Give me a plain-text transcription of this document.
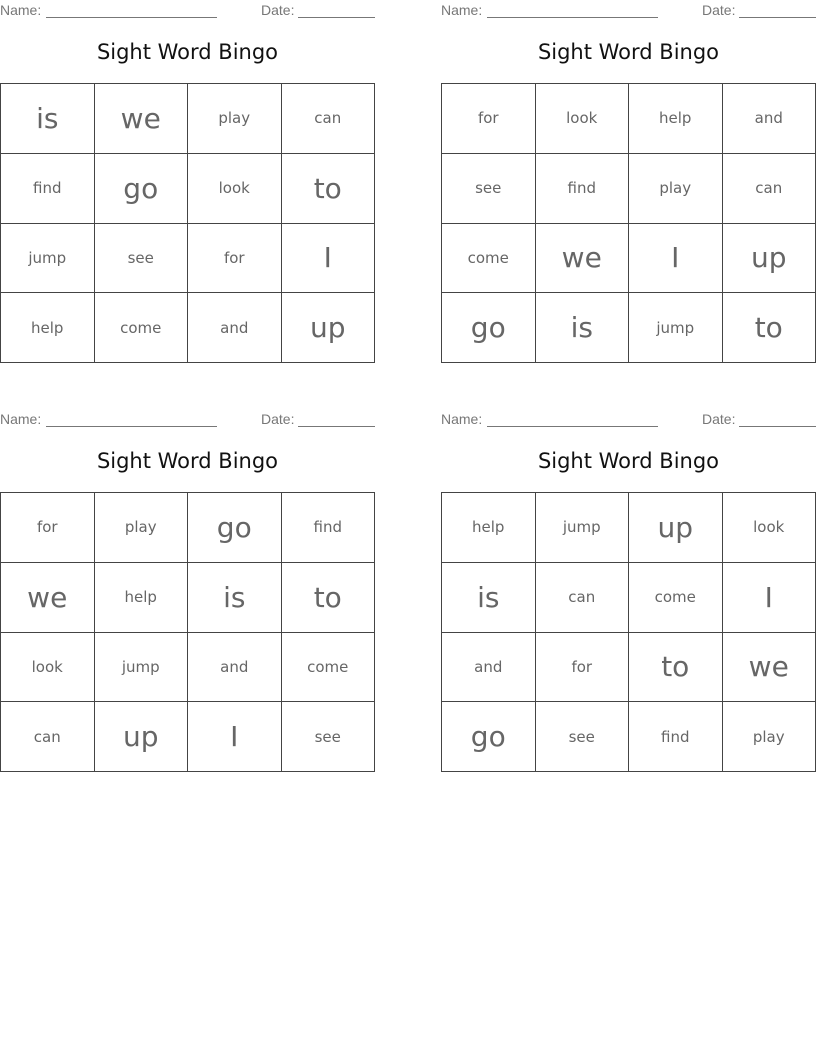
Name:	Date:
Sight Word Bingo
is	we	play	can
find	go	look	to
jump	see	for	I
help	come	and	up
Name:	Date:
Sight Word Bingo
for	look	help	and
see	find	play	can
come	we	I	up
go	is	jump	to
Name:	Date:
Sight Word Bingo
for	play	go	find
we	help	is	to
look	jump	and	come
can	up	I	see
Name:	Date:
Sight Word Bingo
help	jump	up	look
is	can	come	I
and	for	to	we
go	see	find	play
